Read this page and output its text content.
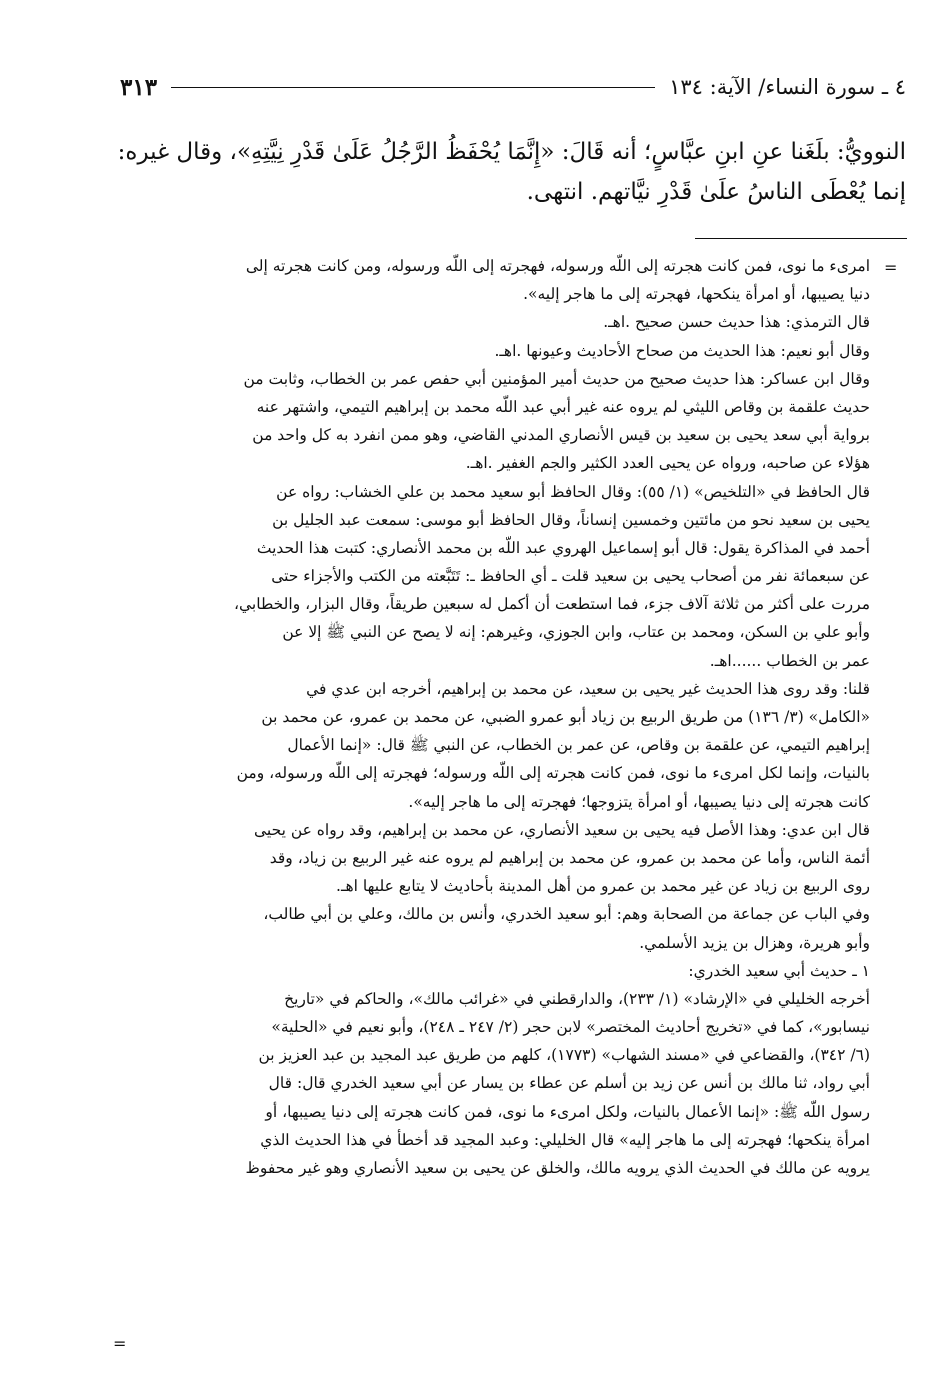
٤ ـ سورة النساء/ الآية: ١٣٤
٣١٣
النوويُّ: بلَغَنا عنِ ابنِ عبَّاسٍ؛ أنه قَالَ: «إِنَّمَا يُحْفَظُ الرَّجُلُ عَلَىٰ قَدْرِ نِيَّتِهِ»، وقال غيره:
إنما يُعْطَى الناسُ علَىٰ قَدْرِ نيَّاتهم. انتهى.
=
امرىء ما نوى، فمن كانت هجرته إلى اللّه ورسوله، فهجرته إلى اللّه ورسوله، ومن كانت هجرته إلى
دنيا يصيبها، أو امرأة ينكحها، فهجرته إلى ما هاجر إليه».
قال الترمذي: هذا حديث حسن صحيح .اهـ.
وقال أبو نعيم: هذا الحديث من صحاح الأحاديث وعيونها .اهـ.
وقال ابن عساكر: هذا حديث صحيح من حديث أمير المؤمنين أبي حفص عمر بن الخطاب، وثابت من
حديث علقمة بن وقاص الليثي لم يروه عنه غير أبي عبد اللّه محمد بن إبراهيم التيمي، واشتهر عنه
برواية أبي سعد يحيى بن سعيد بن قيس الأنصاري المدني القاضي، وهو ممن انفرد به كل واحد من
هؤلاء عن صاحبه، ورواه عن يحيى العدد الكثير والجم الغفير .اهـ.
قال الحافظ في «التلخيص» (١/ ٥٥): وقال الحافظ أبو سعيد محمد بن علي الخشاب: رواه عن
يحيى بن سعيد نحو من مائتين وخمسين إنساناً، وقال الحافظ أبو موسى: سمعت عبد الجليل بن
أحمد في المذاكرة يقول: قال أبو إسماعيل الهروي عبد اللّه بن محمد الأنصاري: كتبت هذا الحديث
عن سبعمائة نفر من أصحاب يحيى بن سعيد قلت ـ أي الحافظ ـ: تَتَبَّعته من الكتب والأجزاء حتى
مررت على أكثر من ثلاثة آلاف جزء، فما استطعت أن أكمل له سبعين طريقاً، وقال البزار، والخطابي،
وأبو علي بن السكن، ومحمد بن عتاب، وابن الجوزي، وغيرهم: إنه لا يصح عن النبي ﷺ إلا عن
عمر بن الخطاب ......اهـ.
قلنا: وقد روى هذا الحديث غير يحيى بن سعيد، عن محمد بن إبراهيم، أخرجه ابن عدي في
«الكامل» (٣/ ١٣٦) من طريق الربيع بن زياد أبو عمرو الضبي، عن محمد بن عمرو، عن محمد بن
إبراهيم التيمي، عن علقمة بن وقاص، عن عمر بن الخطاب، عن النبي ﷺ قال: «إنما الأعمال
بالنيات، وإنما لكل امرىء ما نوى، فمن كانت هجرته إلى اللّه ورسوله؛ فهجرته إلى اللّه ورسوله، ومن
كانت هجرته إلى دنيا يصيبها، أو امرأة يتزوجها؛ فهجرته إلى ما هاجر إليه».
قال ابن عدي: وهذا الأصل فيه يحيى بن سعيد الأنصاري، عن محمد بن إبراهيم، وقد رواه عن يحيى
أئمة الناس، وأما عن محمد بن عمرو، عن محمد بن إبراهيم لم يروه عنه غير الربيع بن زياد، وقد
روى الربيع بن زياد عن غير محمد بن عمرو من أهل المدينة بأحاديث لا يتابع عليها اهـ.
وفي الباب عن جماعة من الصحابة وهم: أبو سعيد الخدري، وأنس بن مالك، وعلي بن أبي طالب،
وأبو هريرة، وهزال بن يزيد الأسلمي.
١ ـ حديث أبي سعيد الخدري:
أخرجه الخليلي في «الإرشاد» (١/ ٢٣٣)، والدارقطني في «غرائب مالك»، والحاكم في «تاريخ
نيسابور»، كما في «تخريج أحاديث المختصر» لابن حجر (٢/ ٢٤٧ ـ ٢٤٨)، وأبو نعيم في «الحلية»
(٦/ ٣٤٢)، والقضاعي في «مسند الشهاب» (١٧٧٣)، كلهم من طريق عبد المجيد بن عبد العزيز بن
أبي رواد، ثنا مالك بن أنس عن زيد بن أسلم عن عطاء بن يسار عن أبي سعيد الخدري قال: قال
رسول اللّه ﷺ: «إنما الأعمال بالنيات، ولكل امرىء ما نوى، فمن كانت هجرته إلى دنيا يصيبها، أو
امرأة ينكحها؛ فهجرته إلى ما هاجر إليه» قال الخليلي: وعبد المجيد قد أخطأ في هذا الحديث الذي
يرويه عن مالك في الحديث الذي يرويه مالك، والخلق عن يحيى بن سعيد الأنصاري وهو غير محفوظ
=
